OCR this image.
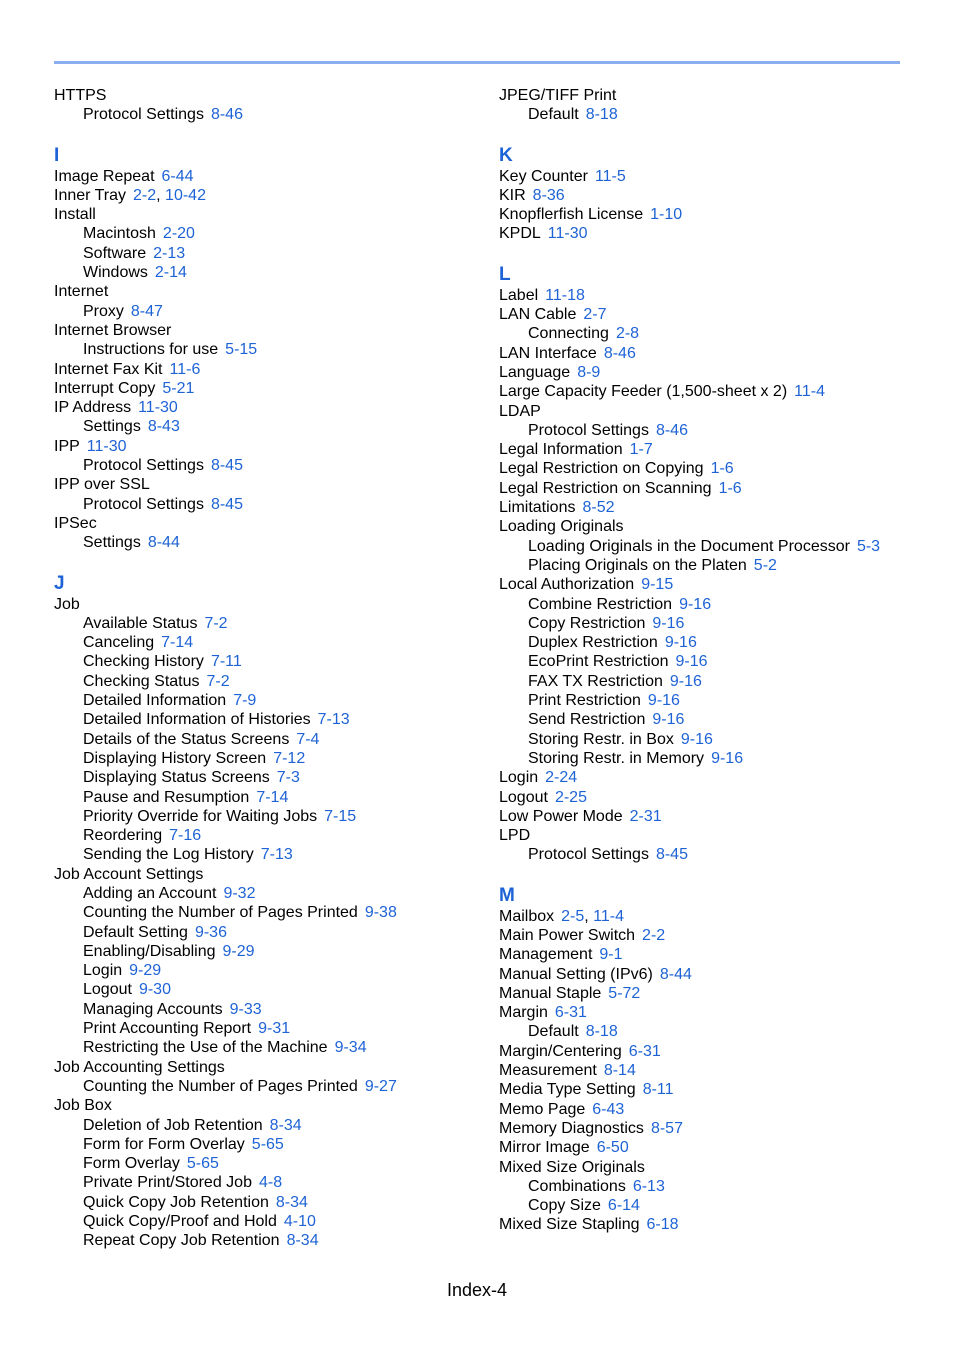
HTTPS
Protocol Settings 8-46
I
Image Repeat 6-44
Inner Tray 2-2, 10-42
Install
Macintosh 2-20
Software 2-13
Windows 2-14
Internet
Proxy 8-47
Internet Browser
Instructions for use 5-15
Internet Fax Kit 11-6
Interrupt Copy 5-21
IP Address 11-30
Settings 8-43
IPP 11-30
Protocol Settings 8-45
IPP over SSL
Protocol Settings 8-45
IPSec
Settings 8-44
J
Job
Available Status 7-2
Canceling 7-14
Checking History 7-11
Checking Status 7-2
Detailed Information 7-9
Detailed Information of Histories 7-13
Details of the Status Screens 7-4
Displaying History Screen 7-12
Displaying Status Screens 7-3
Pause and Resumption 7-14
Priority Override for Waiting Jobs 7-15
Reordering 7-16
Sending the Log History 7-13
Job Account Settings
Adding an Account 9-32
Counting the Number of Pages Printed 9-38
Default Setting 9-36
Enabling/Disabling 9-29
Login 9-29
Logout 9-30
Managing Accounts 9-33
Print Accounting Report 9-31
Restricting the Use of the Machine 9-34
Job Accounting Settings
Counting the Number of Pages Printed 9-27
Job Box
Deletion of Job Retention 8-34
Form for Form Overlay 5-65
Form Overlay 5-65
Private Print/Stored Job 4-8
Quick Copy Job Retention 8-34
Quick Copy/Proof and Hold 4-10
Repeat Copy Job Retention 8-34
JPEG/TIFF Print
Default 8-18
K
Key Counter 11-5
KIR 8-36
Knopflerfish License 1-10
KPDL 11-30
L
Label 11-18
LAN Cable 2-7
Connecting 2-8
LAN Interface 8-46
Language 8-9
Large Capacity Feeder (1,500-sheet x 2) 11-4
LDAP
Protocol Settings 8-46
Legal Information 1-7
Legal Restriction on Copying 1-6
Legal Restriction on Scanning 1-6
Limitations 8-52
Loading Originals
Loading Originals in the Document Processor 5-3
Placing Originals on the Platen 5-2
Local Authorization 9-15
Combine Restriction 9-16
Copy Restriction 9-16
Duplex Restriction 9-16
EcoPrint Restriction 9-16
FAX TX Restriction 9-16
Print Restriction 9-16
Send Restriction 9-16
Storing Restr. in Box 9-16
Storing Restr. in Memory 9-16
Login 2-24
Logout 2-25
Low Power Mode 2-31
LPD
Protocol Settings 8-45
M
Mailbox 2-5, 11-4
Main Power Switch 2-2
Management 9-1
Manual Setting (IPv6) 8-44
Manual Staple 5-72
Margin 6-31
Default 8-18
Margin/Centering 6-31
Measurement 8-14
Media Type Setting 8-11
Memo Page 6-43
Memory Diagnostics 8-57
Mirror Image 6-50
Mixed Size Originals
Combinations 6-13
Copy Size 6-14
Mixed Size Stapling 6-18
Index-4
